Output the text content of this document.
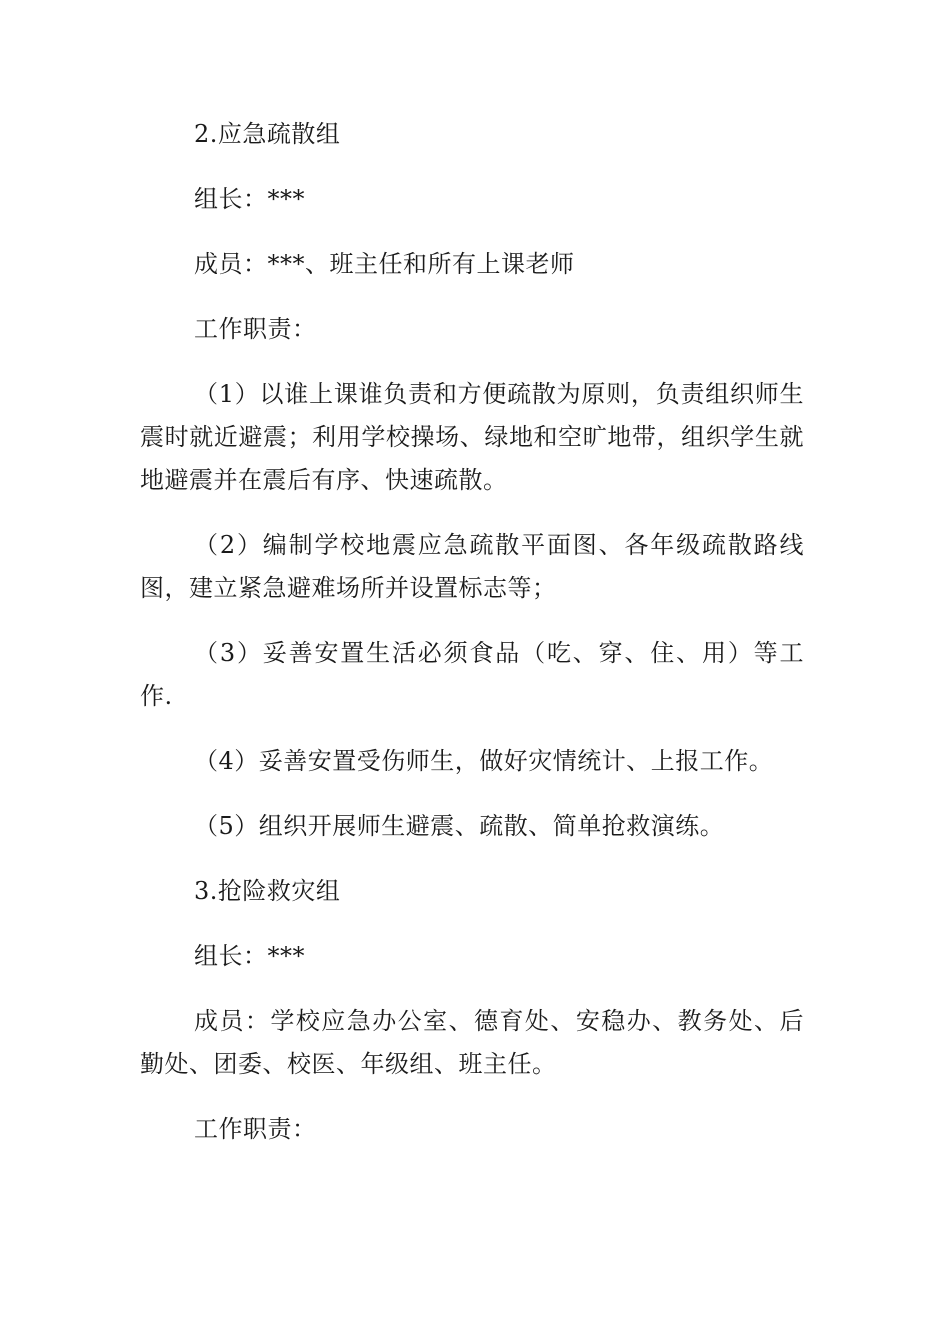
2.应急疏散组

组长：***

成员：***、班主任和所有上课老师

工作职责：

（1）以谁上课谁负责和方便疏散为原则，负责组织师生震时就近避震；利用学校操场、绿地和空旷地带，组织学生就地避震并在震后有序、快速疏散。

（2）编制学校地震应急疏散平面图、各年级疏散路线图，建立紧急避难场所并设置标志等；

（3）妥善安置生活必须食品（吃、穿、住、用）等工作.

（4）妥善安置受伤师生，做好灾情统计、上报工作。

（5）组织开展师生避震、疏散、简单抢救演练。

3.抢险救灾组

组长：***

成员：学校应急办公室、德育处、安稳办、教务处、后勤处、团委、校医、年级组、班主任。

工作职责：
